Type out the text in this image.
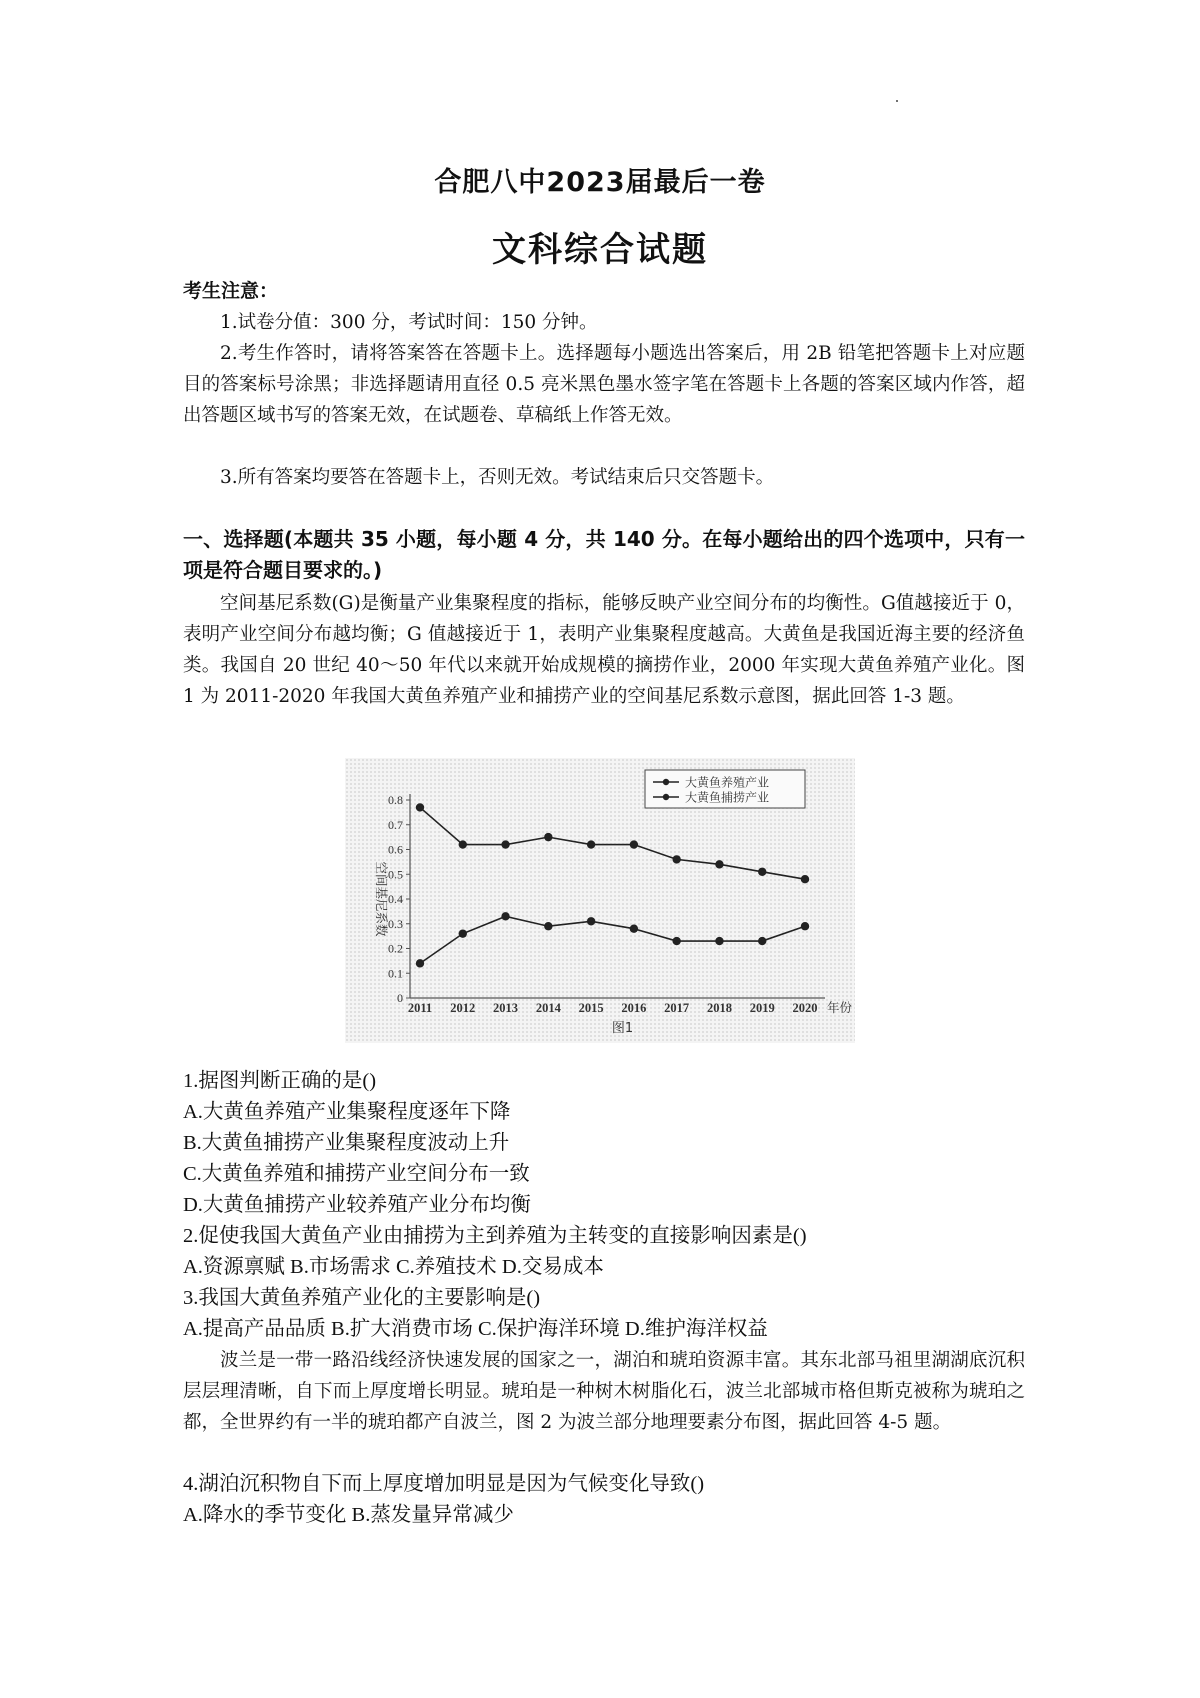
合肥八中2023届最后一卷
文科综合试题
考生注意：
1.试卷分值：300 分，考试时间：150 分钟。
2.考生作答时，请将答案答在答题卡上。选择题每小题选出答案后，用 2B 铅笔把答题卡上对应题目的答案标号涂黑；非选择题请用直径 0.5 亮米黑色墨水签字笔在答题卡上各题的答案区域内作答，超出答题区域书写的答案无效，在试题卷、草稿纸上作答无效。
3.所有答案均要答在答题卡上，否则无效。考试结束后只交答题卡。
一、选择题(本题共 35 小题，每小题 4 分，共 140 分。在每小题给出的四个选项中，只有一项是符合题目要求的。)
空间基尼系数(G)是衡量产业集聚程度的指标，能够反映产业空间分布的均衡性。G值越接近于 0，表明产业空间分布越均衡；G 值越接近于 1，表明产业集聚程度越高。大黄鱼是我国近海主要的经济鱼类。我国自 20 世纪 40～50 年代以来就开始成规模的摘捞作业，2000 年实现大黄鱼养殖产业化。图 1 为 2011-2020 年我国大黄鱼养殖产业和捕捞产业的空间基尼系数示意图，据此回答 1-3 题。
0
0.1
0.2
0.3
0.4
0.5
0.6
0.7
0.8
2011 2012 2013 2014 2015 2016 2017 2018 2019 2020 年份
空间基尼系数
图1
大黄鱼养殖产业
大黄鱼捕捞产业
1.据图判断正确的是()
A.大黄鱼养殖产业集聚程度逐年下降
B.大黄鱼捕捞产业集聚程度波动上升
C.大黄鱼养殖和捕捞产业空间分布一致
D.大黄鱼捕捞产业较养殖产业分布均衡
2.促使我国大黄鱼产业由捕捞为主到养殖为主转变的直接影响因素是()
A.资源禀赋 B.市场需求 C.养殖技术 D.交易成本
3.我国大黄鱼养殖产业化的主要影响是()
A.提高产品品质 B.扩大消费市场 C.保护海洋环境 D.维护海洋权益
波兰是一带一路沿线经济快速发展的国家之一，湖泊和琥珀资源丰富。其东北部马祖里湖湖底沉积层层理清晰，自下而上厚度增长明显。琥珀是一种树木树脂化石，波兰北部城市格但斯克被称为琥珀之都，全世界约有一半的琥珀都产自波兰，图 2 为波兰部分地理要素分布图，据此回答 4-5 题。
4.湖泊沉积物自下而上厚度增加明显是因为气候变化导致()
A.降水的季节变化 B.蒸发量异常减少
